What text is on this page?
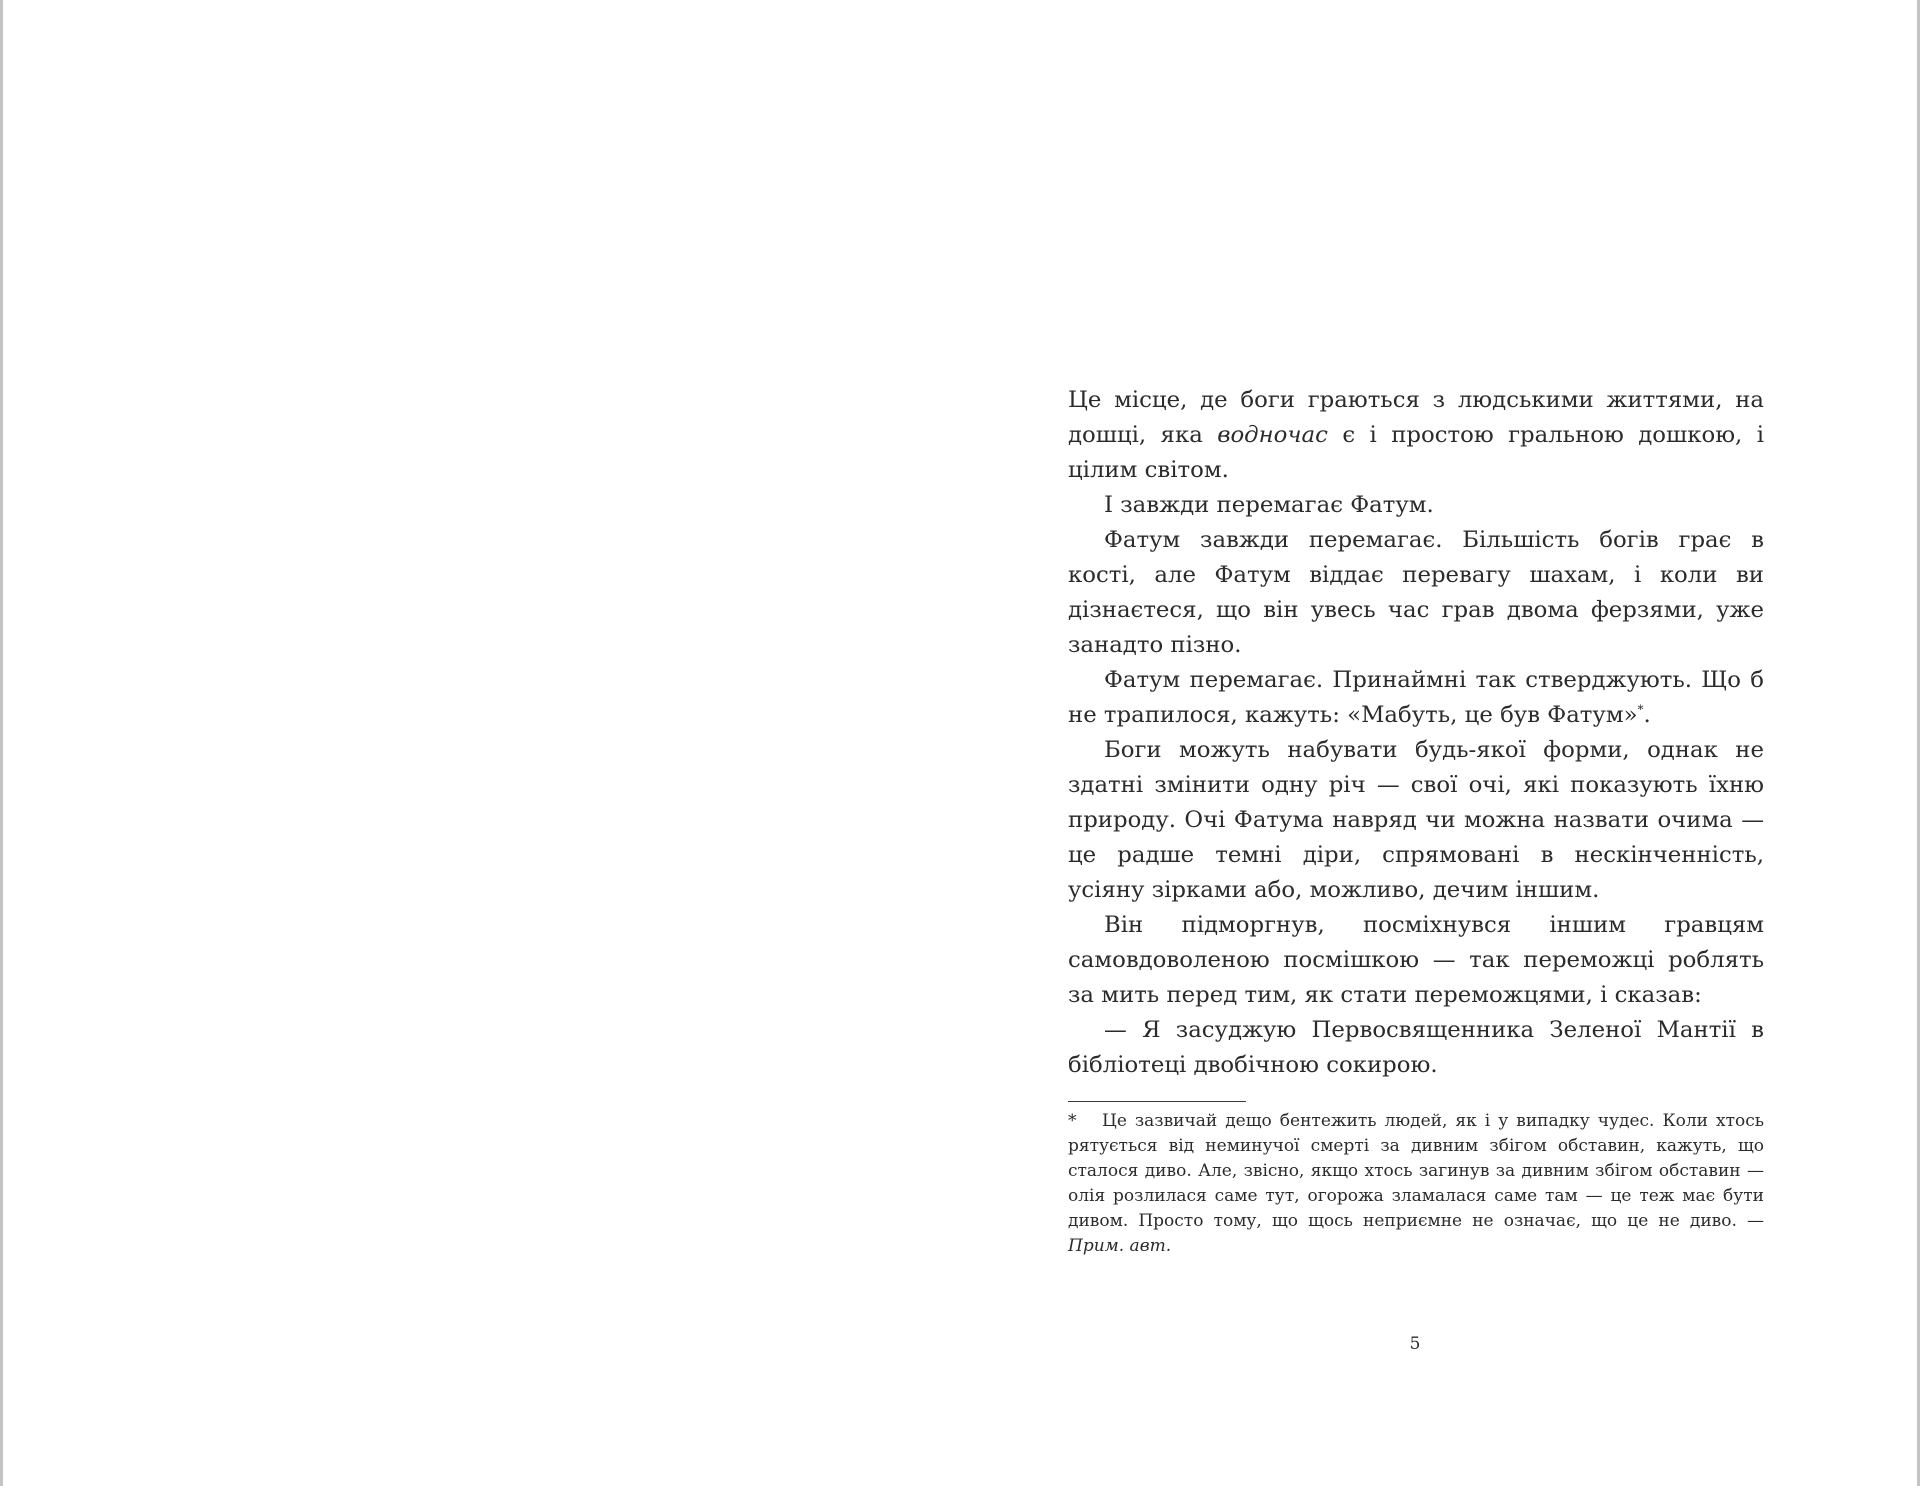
Це місце, де боги граються з людськими життями, на дошці, яка водночас є і простою гральною дошкою, і цілим світом.

І завжди перемагає Фатум.

Фатум завжди перемагає. Більшість богів грає в кості, але Фатум віддає перевагу шахам, і коли ви дізнаєтеся, що він увесь час грав двома ферзями, уже занадто пізно.

Фатум перемагає. Принаймні так стверджують. Що б не трапилося, кажуть: «Мабуть, це був Фатум»*.

Боги можуть набувати будь-якої форми, однак не здатні змінити одну річ — свої очі, які показують їхню природу. Очі Фатума навряд чи можна назвати очима — це радше темні діри, спрямовані в нескінченність, усіяну зірками або, можливо, дечим іншим.

Він підморгнув, посміхнувся іншим гравцям самовдоволеною посмішкою — так переможці роблять за мить перед тим, як стати переможцями, і сказав:

— Я засуджую Первосвященника Зеленої Мантії в бібліотеці двобічною сокирою.

* Це зазвичай дещо бентежить людей, як і у випадку чудес. Коли хтось рятується від неминучої смерті за дивним збігом обставин, кажуть, що сталося диво. Але, звісно, якщо хтось загинув за дивним збігом обставин — олія розлилася саме тут, огорожа зламалася саме там — це теж має бути дивом. Просто тому, що щось неприємне не означає, що це не диво. — Прим. авт.

5
